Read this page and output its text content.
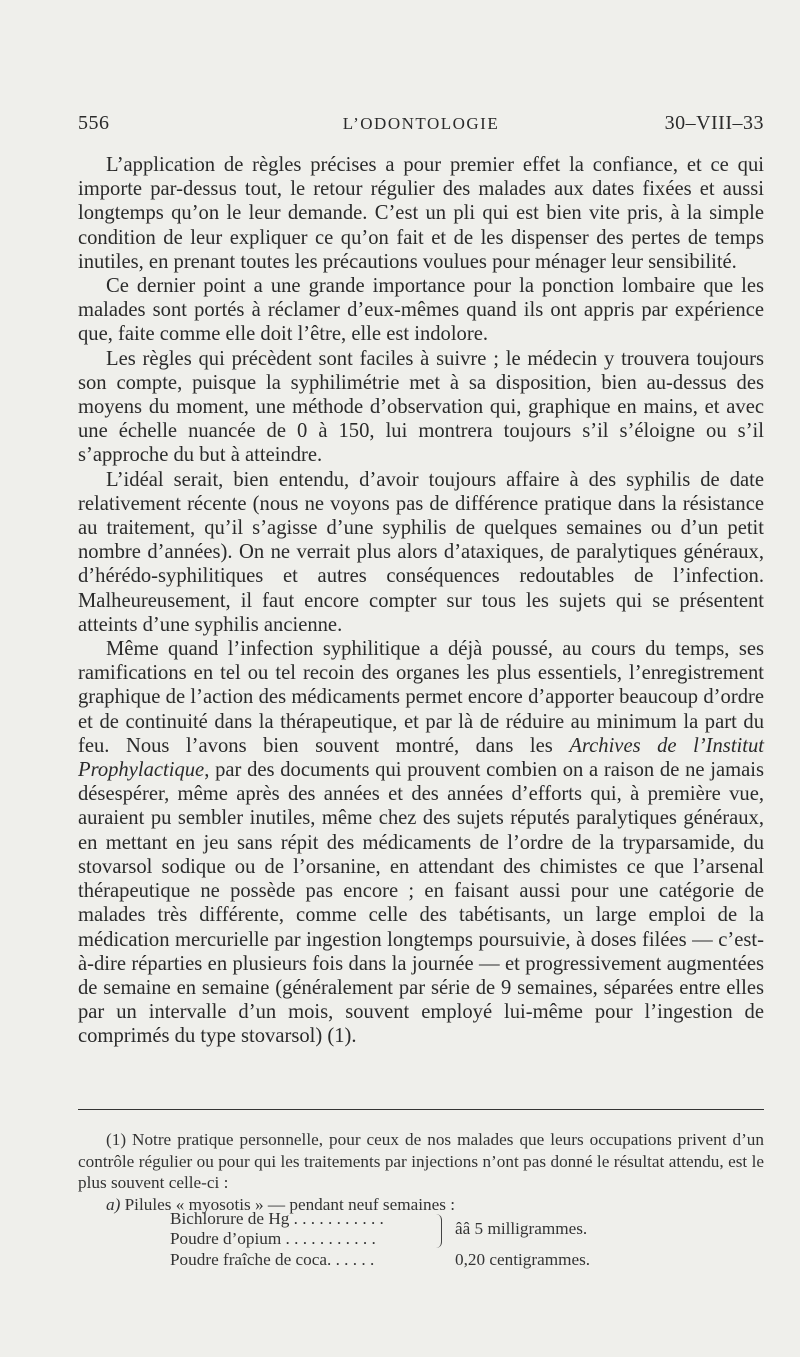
556	L’ODONTOLOGIE	30–VIII–33

L’application de règles précises a pour premier effet la confiance, et ce qui importe par-dessus tout, le retour régulier des malades aux dates fixées et aussi longtemps qu’on le leur demande. C’est un pli qui est bien vite pris, à la simple condition de leur expliquer ce qu’on fait et de les dispenser des pertes de temps inutiles, en prenant toutes les précautions voulues pour ménager leur sensibilité.

Ce dernier point a une grande importance pour la ponction lombaire que les malades sont portés à réclamer d’eux-mêmes quand ils ont appris par expérience que, faite comme elle doit l’être, elle est indolore.

Les règles qui précèdent sont faciles à suivre ; le médecin y trouvera toujours son compte, puisque la syphilimétrie met à sa disposition, bien au-dessus des moyens du moment, une méthode d’observation qui, graphique en mains, et avec une échelle nuancée de 0 à 150, lui montrera toujours s’il s’éloigne ou s’il s’approche du but à atteindre.

L’idéal serait, bien entendu, d’avoir toujours affaire à des syphilis de date relativement récente (nous ne voyons pas de différence pratique dans la résistance au traitement, qu’il s’agisse d’une syphilis de quelques semaines ou d’un petit nombre d’années). On ne verrait plus alors d’ataxiques, de paralytiques généraux, d’hérédo-syphilitiques et autres conséquences redoutables de l’infection. Malheureusement, il faut encore compter sur tous les sujets qui se présentent atteints d’une syphilis ancienne.

Même quand l’infection syphilitique a déjà poussé, au cours du temps, ses ramifications en tel ou tel recoin des organes les plus essentiels, l’enregistrement graphique de l’action des médicaments permet encore d’apporter beaucoup d’ordre et de continuité dans la thérapeutique, et par là de réduire au minimum la part du feu. Nous l’avons bien souvent montré, dans les Archives de l’Institut Prophylactique, par des documents qui prouvent combien on a raison de ne jamais désespérer, même après des années et des années d’efforts qui, à première vue, auraient pu sembler inutiles, même chez des sujets réputés paralytiques généraux, en mettant en jeu sans répit des médicaments de l’ordre de la tryparsamide, du stovarsol sodique ou de l’orsanine, en attendant des chimistes ce que l’arsenal thérapeutique ne possède pas encore ; en faisant aussi pour une catégorie de malades très différente, comme celle des tabétisants, un large emploi de la médication mercurielle par ingestion longtemps poursuivie, à doses filées — c’est-à-dire réparties en plusieurs fois dans la journée — et progressivement augmentées de semaine en semaine (généralement par série de 9 semaines, séparées entre elles par un intervalle d’un mois, souvent employé lui-même pour l’ingestion de comprimés du type stovarsol) (1).

(1) Notre pratique personnelle, pour ceux de nos malades que leurs occupations privent d’un contrôle régulier ou pour qui les traitements par injections n’ont pas donné le résultat attendu, est le plus souvent celle-ci :

a) Pilules « myosotis » — pendant neuf semaines :

Bichlorure de Hg . . . . . . . . . . .
Poudre d’opium . . . . . . . . . . .
Poudre fraîche de coca. . . . . .
ââ 5 milligrammes.
0,20 centigrammes.
